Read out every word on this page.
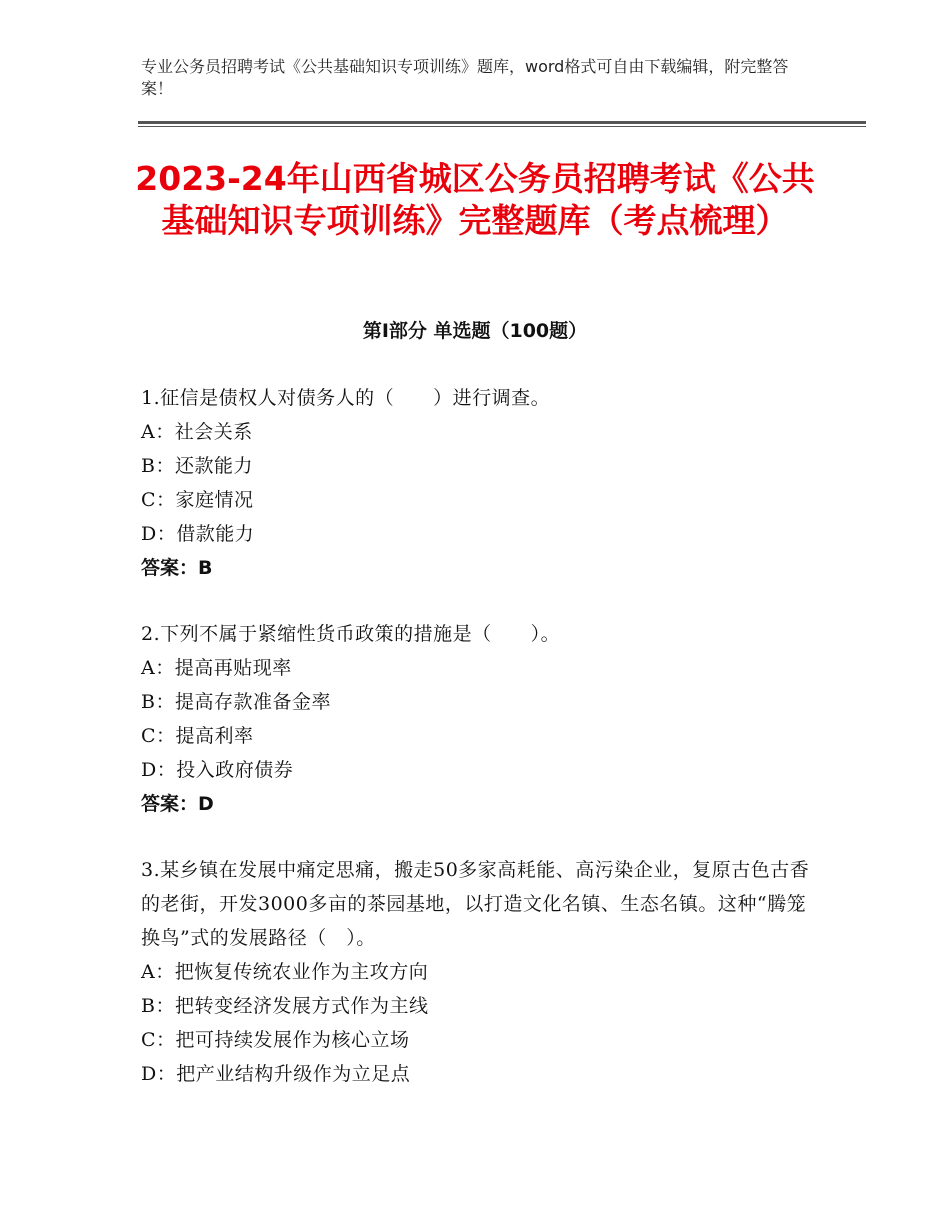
专业公务员招聘考试《公共基础知识专项训练》题库，word格式可自由下载编辑，附完整答案！
2023-24年山西省城区公务员招聘考试《公共基础知识专项训练》完整题库（考点梳理）
第Ⅰ部分 单选题（100题）
1.征信是债权人对债务人的（　　）进行调查。
A：社会关系
B：还款能力
C：家庭情况
D：借款能力
答案：B
2.下列不属于紧缩性货币政策的措施是（　　）。
A：提高再贴现率
B：提高存款准备金率
C：提高利率
D：投入政府债券
答案：D
3.某乡镇在发展中痛定思痛，搬走50多家高耗能、高污染企业，复原古色古香的老街，开发3000多亩的茶园基地，以打造文化名镇、生态名镇。这种“腾笼换鸟”式的发展路径（　）。
A：把恢复传统农业作为主攻方向
B：把转变经济发展方式作为主线
C：把可持续发展作为核心立场
D：把产业结构升级作为立足点
